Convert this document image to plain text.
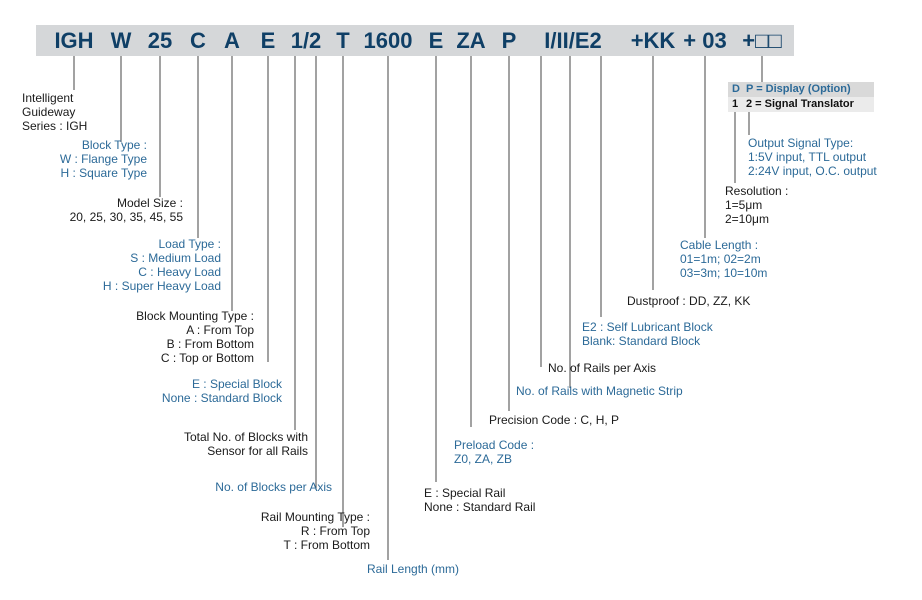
IGH W 25 C A E 1/2 T 1600 E ZA P I/II/E2 +KK + 03 +□□
D P = Display (Option)
1 2 = Signal Translator
Intelligent
Guideway
Series : IGH
Block Type :
W : Flange Type
H : Square Type
Model Size :
20, 25, 30, 35, 45, 55
Load Type :
S : Medium Load
C : Heavy Load
H : Super Heavy Load
Block Mounting Type :
A : From Top
B : From Bottom
C : Top or Bottom
E : Special Block
None : Standard Block
Total No. of Blocks with
Sensor for all Rails
No. of Blocks per Axis
Rail Mounting Type :
R : From Top
T : From Bottom
Rail Length (mm)
E : Special Rail
None : Standard Rail
Preload Code :
Z0, ZA, ZB
Precision Code : C, H, P
No. of Rails with Magnetic Strip
No. of Rails per Axis
E2 : Self Lubricant Block
Blank: Standard Block
Dustproof : DD, ZZ, KK
Cable Length :
01=1m; 02=2m
03=3m; 10=10m
Resolution :
1=5μm
2=10μm
Output Signal Type:
1:5V input, TTL output
2:24V input, O.C. output
